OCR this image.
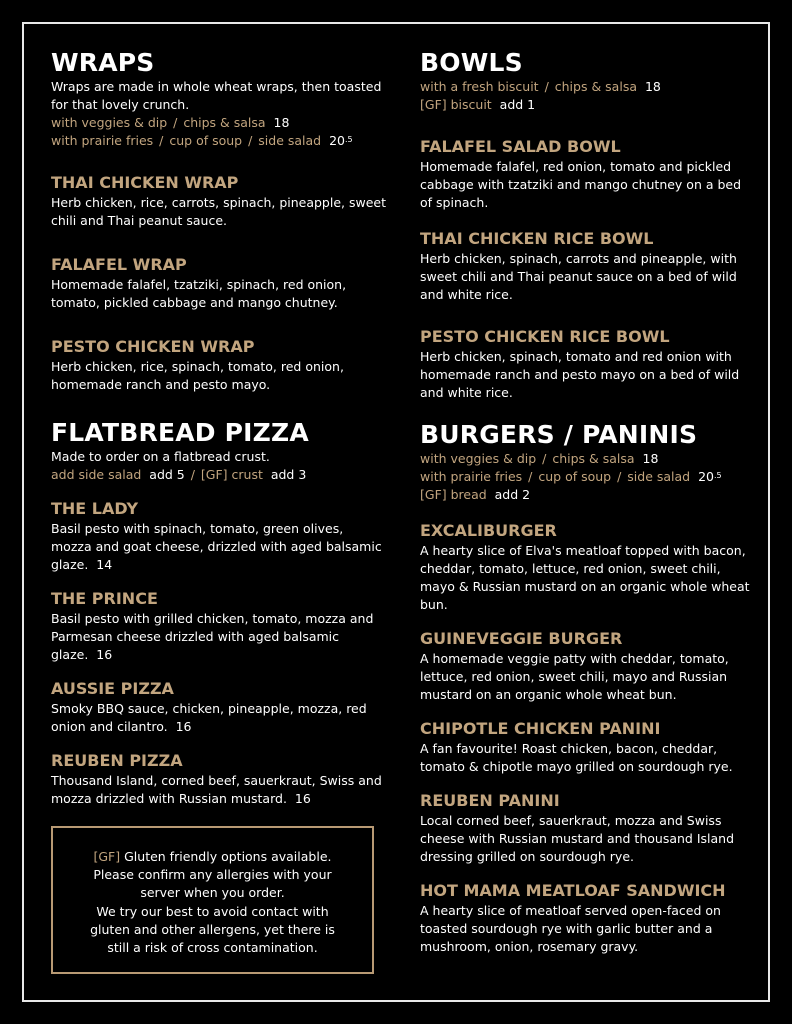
WRAPS

Wraps are made in whole wheat wraps, then toasted for that lovely crunch.

with veggies & dip / chips & salsa 18

with prairie fries / cup of soup / side salad $20^{.5}$

THAI CHICKEN WRAP

Herb chicken, rice, carrots, spinach, pineapple, sweet chili and Thai peanut sauce.

FALAFEL WRAP

Homemade falafel, tzatziki, spinach, red onion, tomato, pickled cabbage and mango chutney.

PESTO CHICKEN WRAP

Herb chicken, rice, spinach, tomato, red onion, homemade ranch and pesto mayo.

FLATBREAD PIZZA

Made to order on a flatbread crust.

add side salad add 5 / [GF] crust add 3

THE LADY

Basil pesto with spinach, tomato, green olives, mozza and goat cheese, drizzled with aged balsamic glaze. 14

THE PRINCE

Basil pesto with grilled chicken, tomato, mozza and Parmesan cheese drizzled with aged balsamic glaze. 16

AUSSIE PIZZA

Smoky BBQ sauce, chicken, pineapple, mozza, red onion and cilantro. 16

REUBEN PIZZA

Thousand Island, corned beef, sauerkraut, Swiss and mozza drizzled with Russian mustard. 16

[GF] Gluten friendly options available.

Please confirm any allergies with your server when you order.

We try our best to avoid contact with gluten and other allergens, yet there is still a risk of cross contamination.

BOWLS

with a fresh biscuit / chips & salsa 18

[GF] biscuit add 1

FALAFEL SALAD BOWL

Homemade falafel, red onion, tomato and pickled cabbage with tzatziki and mango chutney on a bed of spinach.

THAI CHICKEN RICE BOWL

Herb chicken, spinach, carrots and pineapple, with sweet chili and Thai peanut sauce on a bed of wild and white rice.

PESTO CHICKEN RICE BOWL

Herb chicken, spinach, tomato and red onion with homemade ranch and pesto mayo on a bed of wild and white rice.

BURGERS / PANINIS

with veggies & dip / chips & salsa 18

with prairie fries / cup of soup / side salad $20^{.5}$

[GF] bread add 2

EXCALIBURGER

A hearty slice of Elva's meatloaf topped with bacon, cheddar, tomato, lettuce, red onion, sweet chili, mayo & Russian mustard on an organic whole wheat bun.

GUINEVEGGIE BURGER

A homemade veggie patty with cheddar, tomato, lettuce, red onion, sweet chili, mayo and Russian mustard on an organic whole wheat bun.

CHIPOTLE CHICKEN PANINI

A fan favourite! Roast chicken, bacon, cheddar, tomato & chipotle mayo grilled on sourdough rye.

REUBEN PANINI

Local corned beef, sauerkraut, mozza and Swiss cheese with Russian mustard and thousand Island dressing grilled on sourdough rye.

HOT MAMA MEATLOAF SANDWICH

A hearty slice of meatloaf served open-faced on toasted sourdough rye with garlic butter and a mushroom, onion, rosemary gravy.
